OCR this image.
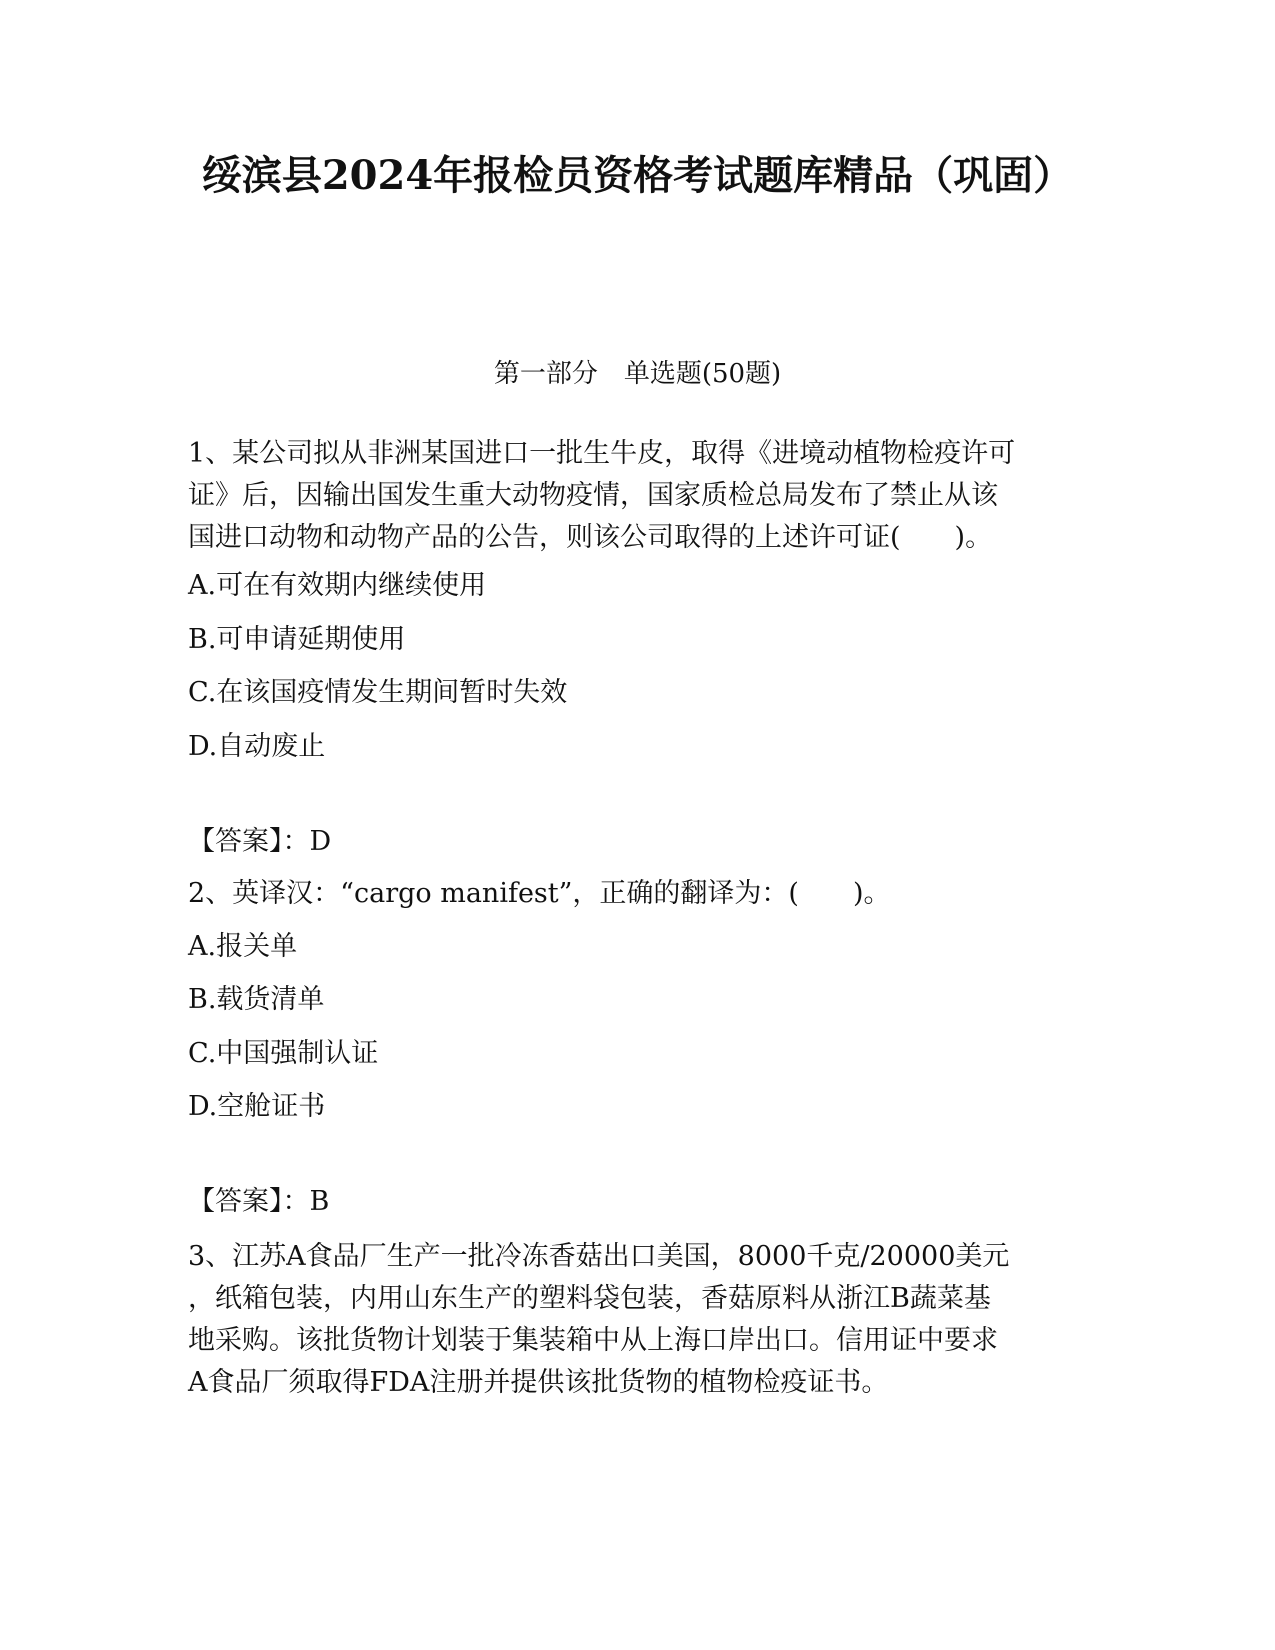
绥滨县2024年报检员资格考试题库精品（巩固）
第一部分　单选题(50题)
1、某公司拟从非洲某国进口一批生牛皮，取得《进境动植物检疫许可
证》后，因输出国发生重大动物疫情，国家质检总局发布了禁止从该
国进口动物和动物产品的公告，则该公司取得的上述许可证(　　)。
A.可在有效期内继续使用
B.可申请延期使用
C.在该国疫情发生期间暂时失效
D.自动废止
【答案】：D
2、英译汉：“cargo manifest”，正确的翻译为：(　　)。
A.报关单
B.载货清单
C.中国强制认证
D.空舱证书
【答案】：B
3、江苏A食品厂生产一批冷冻香菇出口美国，8000千克/20000美元
，纸箱包装，内用山东生产的塑料袋包装，香菇原料从浙江B蔬菜基
地采购。该批货物计划装于集装箱中从上海口岸出口。信用证中要求
A食品厂须取得FDA注册并提供该批货物的植物检疫证书。
